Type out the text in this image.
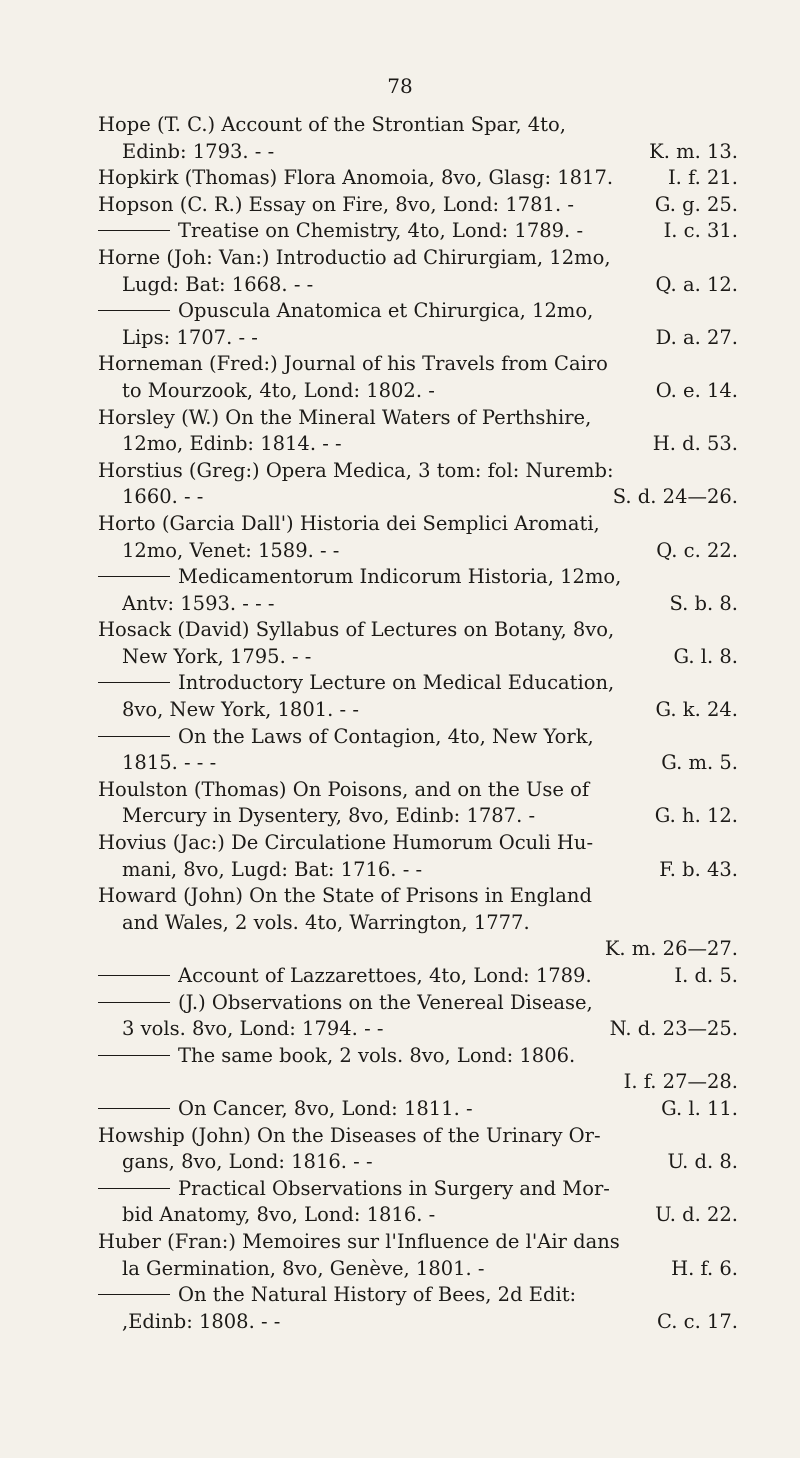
78
Hope (T. C.) Account of the Strontian Spar, 4to,
Edinb: 1793. - -	K. m. 13.
Hopkirk (Thomas) Flora Anomoia, 8vo, Glasg: 1817.	I. f. 21.
Hopson (C. R.) Essay on Fire, 8vo, Lond: 1781. -	G. g. 25.
Treatise on Chemistry, 4to, Lond: 1789. -	I. c. 31.
Horne (Joh: Van:) Introductio ad Chirurgiam, 12mo,
Lugd: Bat: 1668. - -	Q. a. 12.
Opuscula Anatomica et Chirurgica, 12mo,
Lips: 1707. - -	D. a. 27.
Horneman (Fred:) Journal of his Travels from Cairo
to Mourzook, 4to, Lond: 1802. -	O. e. 14.
Horsley (W.) On the Mineral Waters of Perthshire,
12mo, Edinb: 1814. - -	H. d. 53.
Horstius (Greg:) Opera Medica, 3 tom: fol: Nuremb:
1660. - -	S. d. 24—26.
Horto (Garcia Dall') Historia dei Semplici Aromati,
12mo, Venet: 1589. - -	Q. c. 22.
Medicamentorum Indicorum Historia, 12mo,
Antv: 1593. - - -	S. b. 8.
Hosack (David) Syllabus of Lectures on Botany, 8vo,
New York, 1795. - -	G. l. 8.
Introductory Lecture on Medical Education,
8vo, New York, 1801. - -	G. k. 24.
On the Laws of Contagion, 4to, New York,
1815. - - -	G. m. 5.
Houlston (Thomas) On Poisons, and on the Use of
Mercury in Dysentery, 8vo, Edinb: 1787. -	G. h. 12.
Hovius (Jac:) De Circulatione Humorum Oculi Hu-
mani, 8vo, Lugd: Bat: 1716. - -	F. b. 43.
Howard (John) On the State of Prisons in England
and Wales, 2 vols. 4to, Warrington, 1777.
K. m. 26—27.
Account of Lazzarettoes, 4to, Lond: 1789.	I. d. 5.
(J.) Observations on the Venereal Disease,
3 vols. 8vo, Lond: 1794. - -	N. d. 23—25.
The same book, 2 vols. 8vo, Lond: 1806.
I. f. 27—28.
On Cancer, 8vo, Lond: 1811. -	G. l. 11.
Howship (John) On the Diseases of the Urinary Or-
gans, 8vo, Lond: 1816. - -	U. d. 8.
Practical Observations in Surgery and Mor-
bid Anatomy, 8vo, Lond: 1816. -	U. d. 22.
Huber (Fran:) Memoires sur l'Influence de l'Air dans
la Germination, 8vo, Genève, 1801. -	H. f. 6.
On the Natural History of Bees, 2d Edit:
,Edinb: 1808. - -	C. c. 17.
